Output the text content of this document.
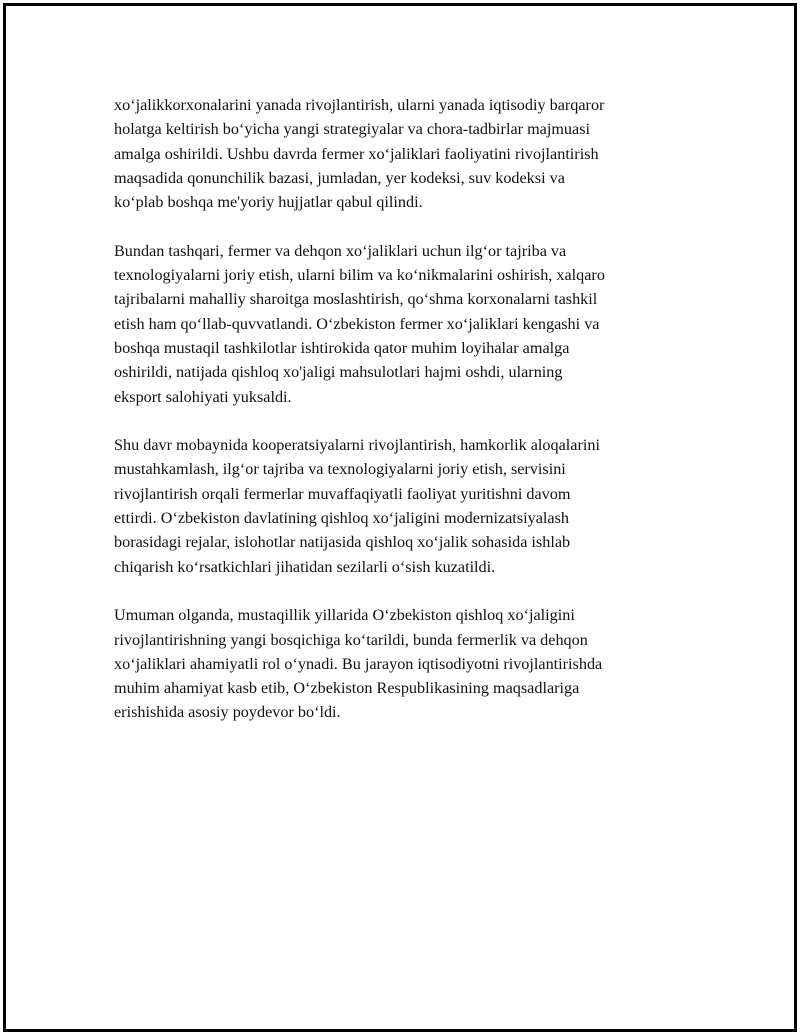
xo‘jalikkorxonalarini yanada rivojlantirish, ularni yanada iqtisodiy barqaror
holatga keltirish bo‘yicha yangi strategiyalar va chora-tadbirlar majmuasi
amalga oshirildi. Ushbu davrda fermer xo‘jaliklari faoliyatini rivojlantirish
maqsadida qonunchilik bazasi, jumladan, yer kodeksi, suv kodeksi va
ko‘plab boshqa me'yoriy hujjatlar qabul qilindi.

Bundan tashqari, fermer va dehqon xo‘jaliklari uchun ilg‘or tajriba va
texnologiyalarni joriy etish, ularni bilim va ko‘nikmalarini oshirish, xalqaro
tajribalarni mahalliy sharoitga moslashtirish, qo‘shma korxonalarni tashkil
etish ham qo‘llab-quvvatlandi. O‘zbekiston fermer xo‘jaliklari kengashi va
boshqa mustaqil tashkilotlar ishtirokida qator muhim loyihalar amalga
oshirildi, natijada qishloq xo'jaligi mahsulotlari hajmi oshdi, ularning
eksport salohiyati yuksaldi.

Shu davr mobaynida kooperatsiyalarni rivojlantirish, hamkorlik aloqalarini
mustahkamlash, ilg‘or tajriba va texnologiyalarni joriy etish, servisini
rivojlantirish orqali fermerlar muvaffaqiyatli faoliyat yuritishni davom
ettirdi. O‘zbekiston davlatining qishloq xo‘jaligini modernizatsiyalash
borasidagi rejalar, islohotlar natijasida qishloq xo‘jalik sohasida ishlab
chiqarish ko‘rsatkichlari jihatidan sezilarli o‘sish kuzatildi.

Umuman olganda, mustaqillik yillarida O‘zbekiston qishloq xo‘jaligini
rivojlantirishning yangi bosqichiga ko‘tarildi, bunda fermerlik va dehqon
xo‘jaliklari ahamiyatli rol o‘ynadi. Bu jarayon iqtisodiyotni rivojlantirishda
muhim ahamiyat kasb etib, O‘zbekiston Respublikasining maqsadlariga
erishishida asosiy poydevor bo‘ldi.
